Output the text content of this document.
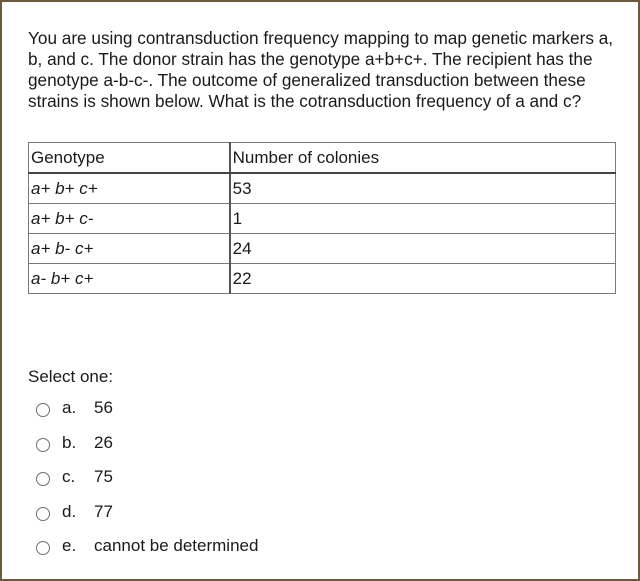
You are using contransduction frequency mapping to map genetic markers a, b, and c. The donor strain has the genotype a+b+c+. The recipient has the genotype a-b-c-. The outcome of generalized transduction between these strains is shown below. What is the cotransduction frequency of a and c?
Genotype	Number of colonies
a+ b+ c+	53
a+ b+ c-	1
a+ b- c+	24
a- b+ c+	22
Select one:
a.	56
b.	26
c.	75
d.	77
e.	cannot be determined
